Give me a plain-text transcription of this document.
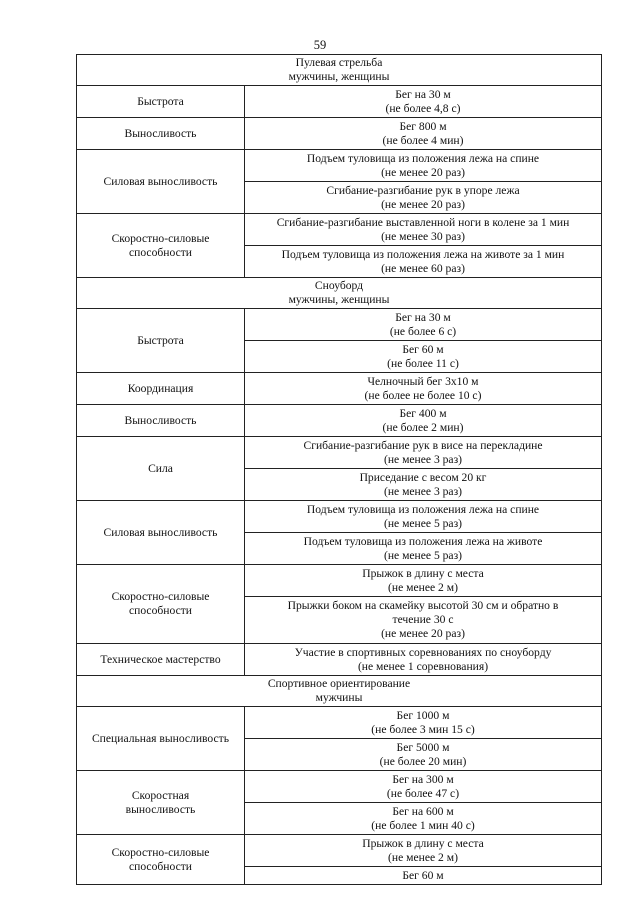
59
Пулевая стрельба
мужчины, женщины	
Быстрота	Бег на 30 м
(не более 4,8 с)
Выносливость	Бег 800 м
(не более 4 мин)
Силовая выносливость	Подъем туловища из положения лежа на спине
(не менее 20 раз)
	Сгибание-разгибание рук в упоре лежа
(не менее 20 раз)
Скоростно-силовые
способности	Сгибание-разгибание выставленной ноги в колене за 1 мин
(не менее 30 раз)
	Подъем туловища из положения лежа на животе за 1 мин
(не менее 60 раз)
Сноуборд
мужчины, женщины	
Быстрота	Бег на 30 м
(не более 6 с)
	Бег 60 м
(не более 11 с)
Координация	Челночный бег 3х10 м
(не более не более 10 с)
Выносливость	Бег 400 м
(не более 2 мин)
Сила	Сгибание-разгибание рук в висе на перекладине
(не менее 3 раз)
	Приседание с весом 20 кг
(не менее 3 раз)
Силовая выносливость	Подъем туловища из положения лежа на спине
(не менее 5 раз)
	Подъем туловища из положения лежа на животе
(не менее 5 раз)
Скоростно-силовые
способности	Прыжок в длину с места
(не менее 2 м)
	Прыжки боком на скамейку высотой 30 см и обратно в
течение 30 с
(не менее 20 раз)
Техническое мастерство	Участие в спортивных соревнованиях по сноуборду
(не менее 1 соревнования)
Спортивное ориентирование
мужчины	
Специальная выносливость	Бег 1000 м
(не более 3 мин 15 с)
	Бег 5000 м
(не более 20 мин)
Скоростная
выносливость	Бег на 300 м
(не более 47 с)
	Бег на 600 м
(не более 1 мин 40 с)
Скоростно-силовые
способности	Прыжок в длину с места
(не менее 2 м)
	Бег 60 м
